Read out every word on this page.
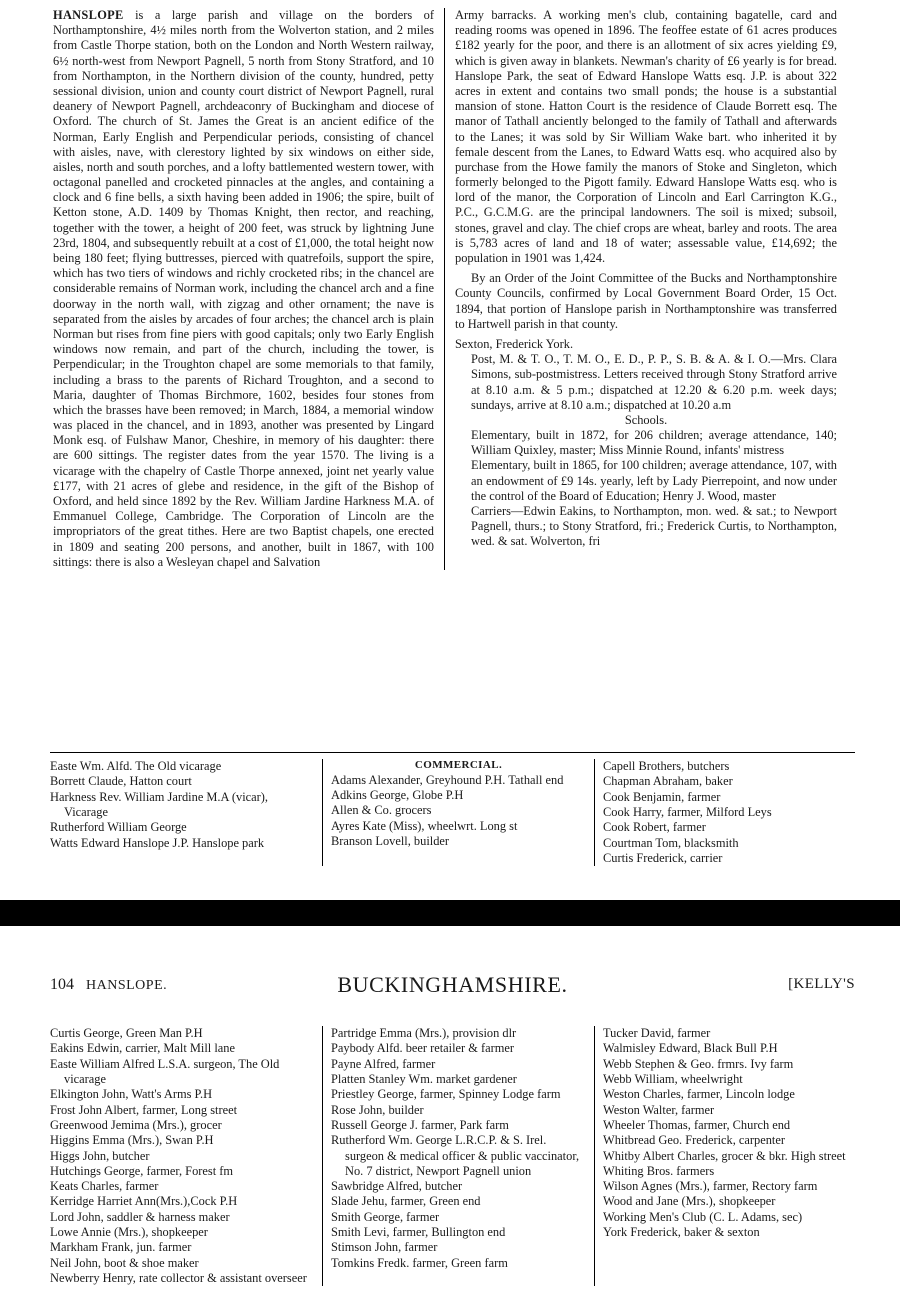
HANSLOPE is a large parish and village on the borders of Northamptonshire, 4½ miles north from the Wolverton station, and 2 miles from Castle Thorpe station, both on the London and North Western railway, 6½ north-west from Newport Pagnell, 5 north from Stony Stratford, and 10 from Northampton, in the Northern division of the county, hundred, petty sessional division, union and county court district of Newport Pagnell, rural deanery of Newport Pagnell, archdeaconry of Buckingham and diocese of Oxford. The church of St. James the Great is an ancient edifice of the Norman, Early English and Perpendicular periods, consisting of chancel with aisles, nave, with clerestory lighted by six windows on either side, aisles, north and south porches, and a lofty battlemented western tower, with octagonal panelled and crocketed pinnacles at the angles, and containing a clock and 6 fine bells, a sixth having been added in 1906; the spire, built of Ketton stone, A.D. 1409 by Thomas Knight, then rector, and reaching, together with the tower, a height of 200 feet, was struck by lightning June 23rd, 1804, and subsequently rebuilt at a cost of £1,000, the total height now being 180 feet; flying buttresses, pierced with quatrefoils, support the spire, which has two tiers of windows and richly crocketed ribs; in the chancel are considerable remains of Norman work, including the chancel arch and a fine doorway in the north wall, with zigzag and other ornament; the nave is separated from the aisles by arcades of four arches; the chancel arch is plain Norman but rises from fine piers with good capitals; only two Early English windows now remain, and part of the church, including the tower, is Perpendicular; in the Troughton chapel are some memorials to that family, including a brass to the parents of Richard Troughton, and a second to Maria, daughter of Thomas Birchmore, 1602, besides four stones from which the brasses have been removed; in March, 1884, a memorial window was placed in the chancel, and in 1893, another was presented by Lingard Monk esq. of Fulshaw Manor, Cheshire, in memory of his daughter: there are 600 sittings. The register dates from the year 1570. The living is a vicarage with the chapelry of Castle Thorpe annexed, joint net yearly value £177, with 21 acres of glebe and residence, in the gift of the Bishop of Oxford, and held since 1892 by the Rev. William Jardine Harkness M.A. of Emmanuel College, Cambridge. The Corporation of Lincoln are the impropriators of the great tithes. Here are two Baptist chapels, one erected in 1809 and seating 200 persons, and another, built in 1867, with 100 sittings: there is also a Wesleyan chapel and Salvation

Army barracks. A working men's club, containing bagatelle, card and reading rooms was opened in 1896. The feoffee estate of 61 acres produces £182 yearly for the poor, and there is an allotment of six acres yielding £9, which is given away in blankets. Newman's charity of £6 yearly is for bread. Hanslope Park, the seat of Edward Hanslope Watts esq. J.P. is about 322 acres in extent and contains two small ponds; the house is a substantial mansion of stone. Hatton Court is the residence of Claude Borrett esq. The manor of Tathall anciently belonged to the family of Tathall and afterwards to the Lanes; it was sold by Sir William Wake bart. who inherited it by female descent from the Lanes, to Edward Watts esq. who acquired also by purchase from the Howe family the manors of Stoke and Singleton, which formerly belonged to the Pigott family. Edward Hanslope Watts esq. who is lord of the manor, the Corporation of Lincoln and Earl Carrington K.G., P.C., G.C.M.G. are the principal landowners. The soil is mixed; subsoil, stones, gravel and clay. The chief crops are wheat, barley and roots. The area is 5,783 acres of land and 18 of water; assessable value, £14,692; the population in 1901 was 1,424.

By an Order of the Joint Committee of the Bucks and Northamptonshire County Councils, confirmed by Local Government Board Order, 15 Oct. 1894, that portion of Hanslope parish in Northamptonshire was transferred to Hartwell parish in that county.

Sexton, Frederick York.

Post, M. & T. O., T. M. O., E. D., P. P., S. B. & A. & I. O.—Mrs. Clara Simons, sub-postmistress. Letters received through Stony Stratford arrive at 8.10 a.m. & 5 p.m.; dispatched at 12.20 & 6.20 p.m. week days; sundays, arrive at 8.10 a.m.; dispatched at 10.20 a.m

Schools.

Elementary, built in 1872, for 206 children; average attendance, 140; William Quixley, master; Miss Minnie Round, infants' mistress

Elementary, built in 1865, for 100 children; average attendance, 107, with an endowment of £9 14s. yearly, left by Lady Pierrepoint, and now under the control of the Board of Education; Henry J. Wood, master

Carriers—Edwin Eakins, to Northampton, mon. wed. & sat.; to Newport Pagnell, thurs.; to Stony Stratford, fri.; Frederick Curtis, to Northampton, wed. & sat. Wolverton, fri

Easte Wm. Alfd. The Old vicarage
Borrett Claude, Hatton court
Harkness Rev. William Jardine M.A (vicar), Vicarage
Rutherford William George
Watts Edward Hanslope J.P. Hanslope park
COMMERCIAL.
Adams Alexander, Greyhound P.H. Tathall end
Adkins George, Globe P.H
Allen & Co. grocers
Ayres Kate (Miss), wheelwrt. Long st
Branson Lovell, builder
Capell Brothers, butchers
Chapman Abraham, baker
Cook Benjamin, farmer
Cook Harry, farmer, Milford Leys
Cook Robert, farmer
Courtman Tom, blacksmith
Curtis Frederick, carrier
104 HANSLOPE.	BUCKINGHAMSHIRE.	[KELLY'S
Curtis George, Green Man P.H
Eakins Edwin, carrier, Malt Mill lane
Easte William Alfred L.S.A. surgeon, The Old vicarage
Elkington John, Watt's Arms P.H
Frost John Albert, farmer, Long street
Greenwood Jemima (Mrs.), grocer
Higgins Emma (Mrs.), Swan P.H
Higgs John, butcher
Hutchings George, farmer, Forest fm
Keats Charles, farmer
Kerridge Harriet Ann(Mrs.),Cock P.H
Lord John, saddler & harness maker
Lowe Annie (Mrs.), shopkeeper
Markham Frank, jun. farmer
Neil John, boot & shoe maker
Newberry Henry, rate collector & assistant overseer
Partridge Emma (Mrs.), provision dlr
Paybody Alfd. beer retailer & farmer
Payne Alfred, farmer
Platten Stanley Wm. market gardener
Priestley George, farmer, Spinney Lodge farm
Rose John, builder
Russell George J. farmer, Park farm
Rutherford Wm. George L.R.C.P. & S. Irel. surgeon & medical officer & public vaccinator, No. 7 district, Newport Pagnell union
Sawbridge Alfred, butcher
Slade Jehu, farmer, Green end
Smith George, farmer
Smith Levi, farmer, Bullington end
Stimson John, farmer
Tomkins Fredk. farmer, Green farm
Tucker David, farmer
Walmisley Edward, Black Bull P.H
Webb Stephen & Geo. frmrs. Ivy farm
Webb William, wheelwright
Weston Charles, farmer, Lincoln lodge
Weston Walter, farmer
Wheeler Thomas, farmer, Church end
Whitbread Geo. Frederick, carpenter
Whitby Albert Charles, grocer & bkr. High street
Whiting Bros. farmers
Wilson Agnes (Mrs.), farmer, Rectory farm
Wood and Jane (Mrs.), shopkeeper
Working Men's Club (C. L. Adams, sec)
York Frederick, baker & sexton
